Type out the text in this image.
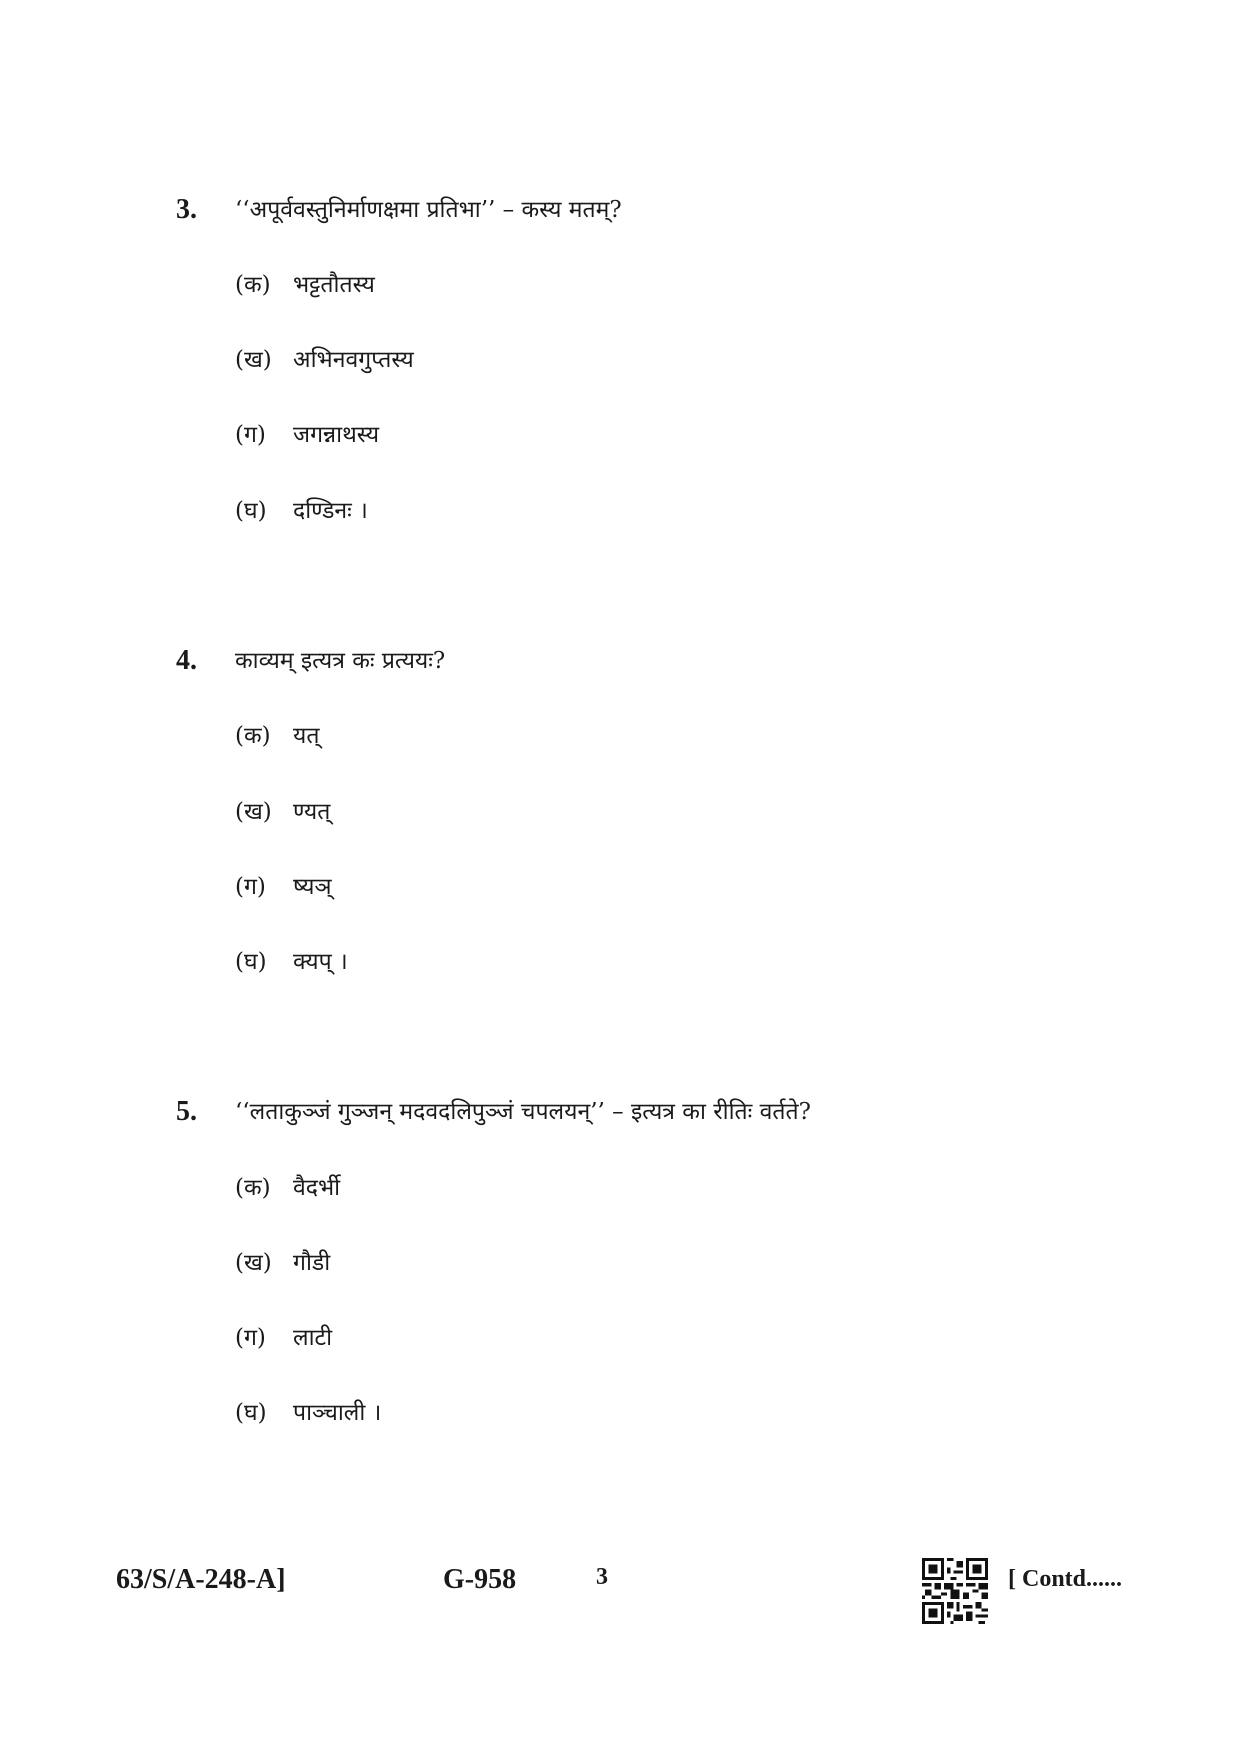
3. ‘‘अपूर्ववस्तुनिर्माणक्षमा प्रतिभा’’ – कस्य मतम्?
(क) भट्टतौतस्य
(ख) अभिनवगुप्तस्य
(ग) जगन्नाथस्य
(घ) दण्डिनः ।
4. काव्यम् इत्यत्र कः प्रत्ययः?
(क) यत्
(ख) ण्यत्
(ग) ष्यञ्
(घ) क्यप् ।
5. ‘‘लताकुञ्जं गुञ्जन् मदवदलिपुञ्जं चपलयन्’’ – इत्यत्र का रीतिः वर्तते?
(क) वैदर्भी
(ख) गौडी
(ग) लाटी
(घ) पाञ्चाली ।
63/S/A-248-A]	G-958	3	[ Contd......
